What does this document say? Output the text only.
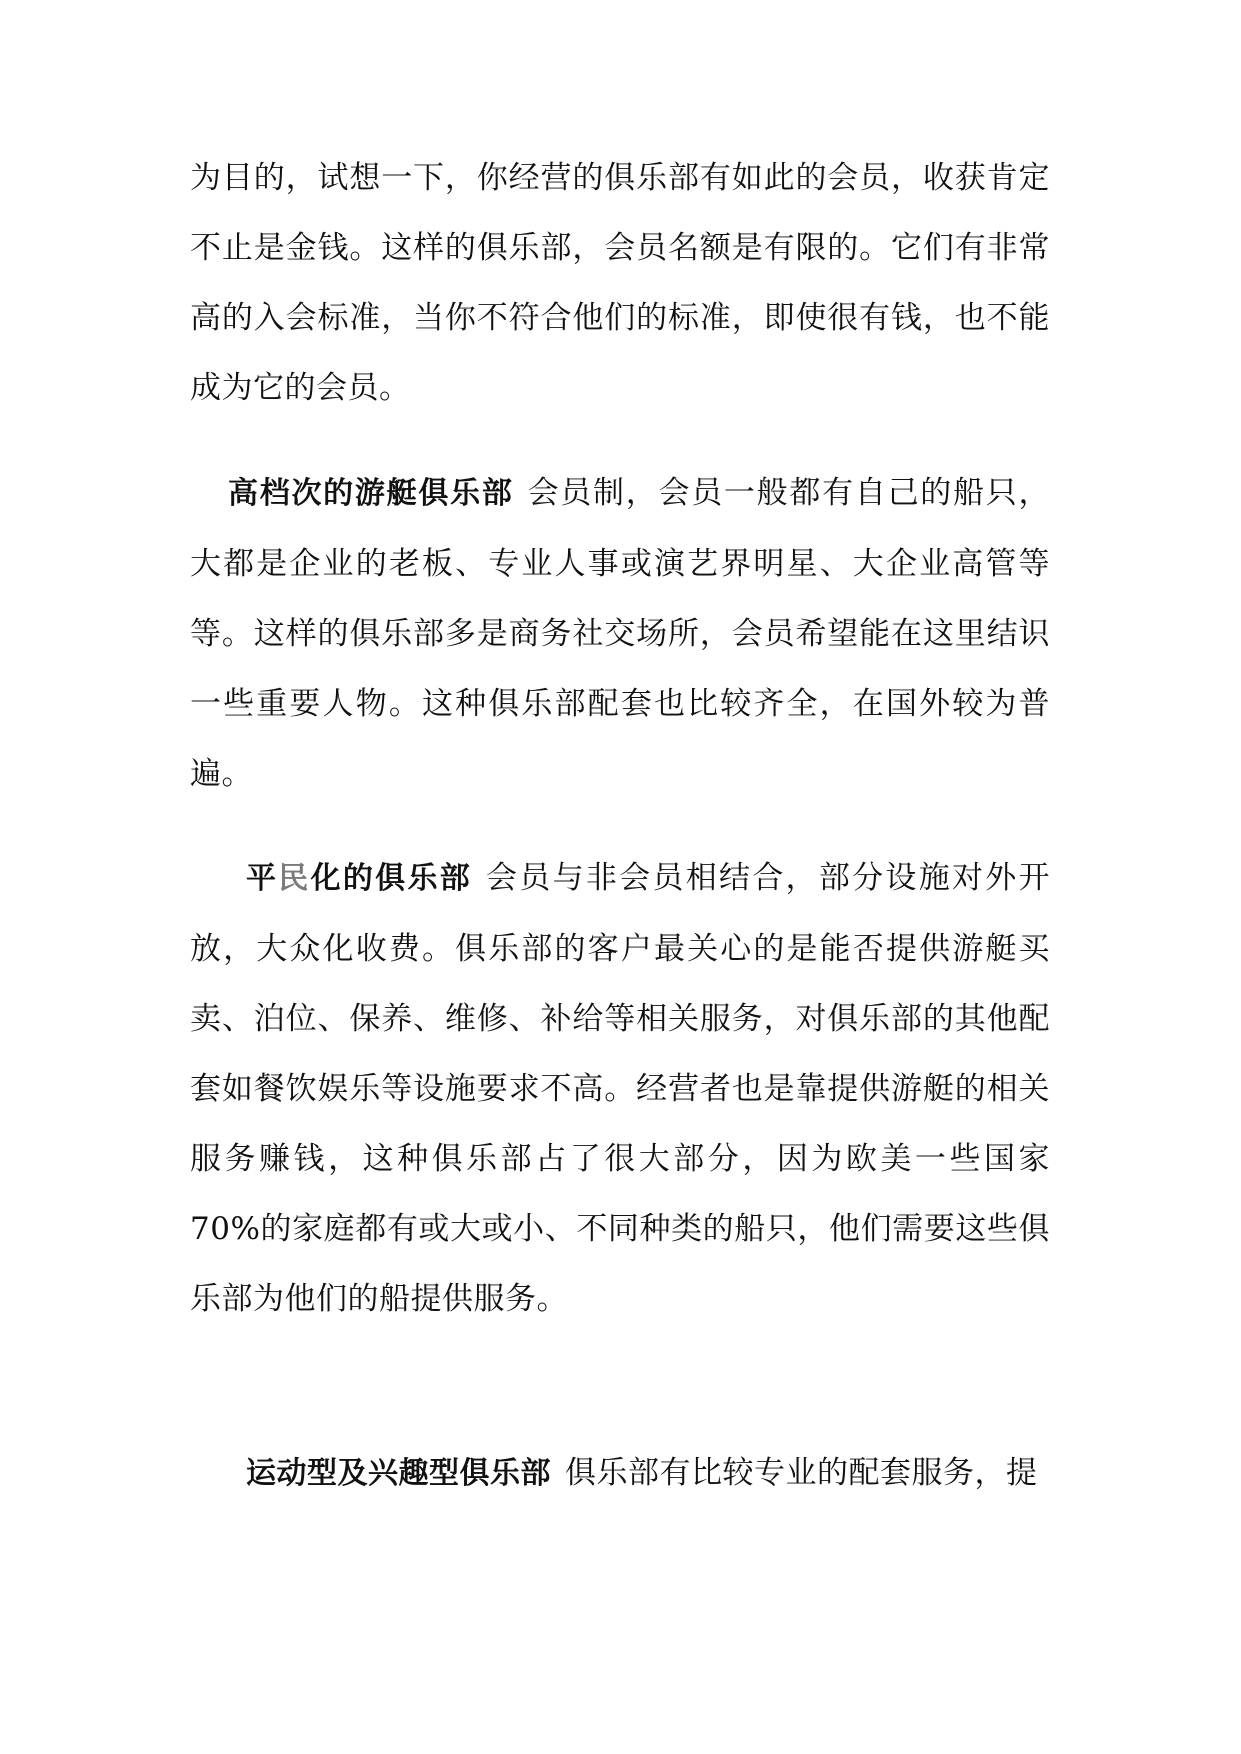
为目的，试想一下，你经营的俱乐部有如此的会员，收获肯定不止是金钱。这样的俱乐部，会员名额是有限的。它们有非常高的入会标准，当你不符合他们的标准，即使很有钱，也不能成为它的会员。

高档次的游艇俱乐部 会员制，会员一般都有自己的船只，大都是企业的老板、专业人事或演艺界明星、大企业高管等等。这样的俱乐部多是商务社交场所，会员希望能在这里结识一些重要人物。这种俱乐部配套也比较齐全，在国外较为普遍。

平民化的俱乐部 会员与非会员相结合，部分设施对外开放，大众化收费。俱乐部的客户最关心的是能否提供游艇买卖、泊位、保养、维修、补给等相关服务，对俱乐部的其他配套如餐饮娱乐等设施要求不高。经营者也是靠提供游艇的相关服务赚钱，这种俱乐部占了很大部分，因为欧美一些国家 70%的家庭都有或大或小、不同种类的船只，他们需要这些俱乐部为他们的船提供服务。

运动型及兴趣型俱乐部 俱乐部有比较专业的配套服务，提
